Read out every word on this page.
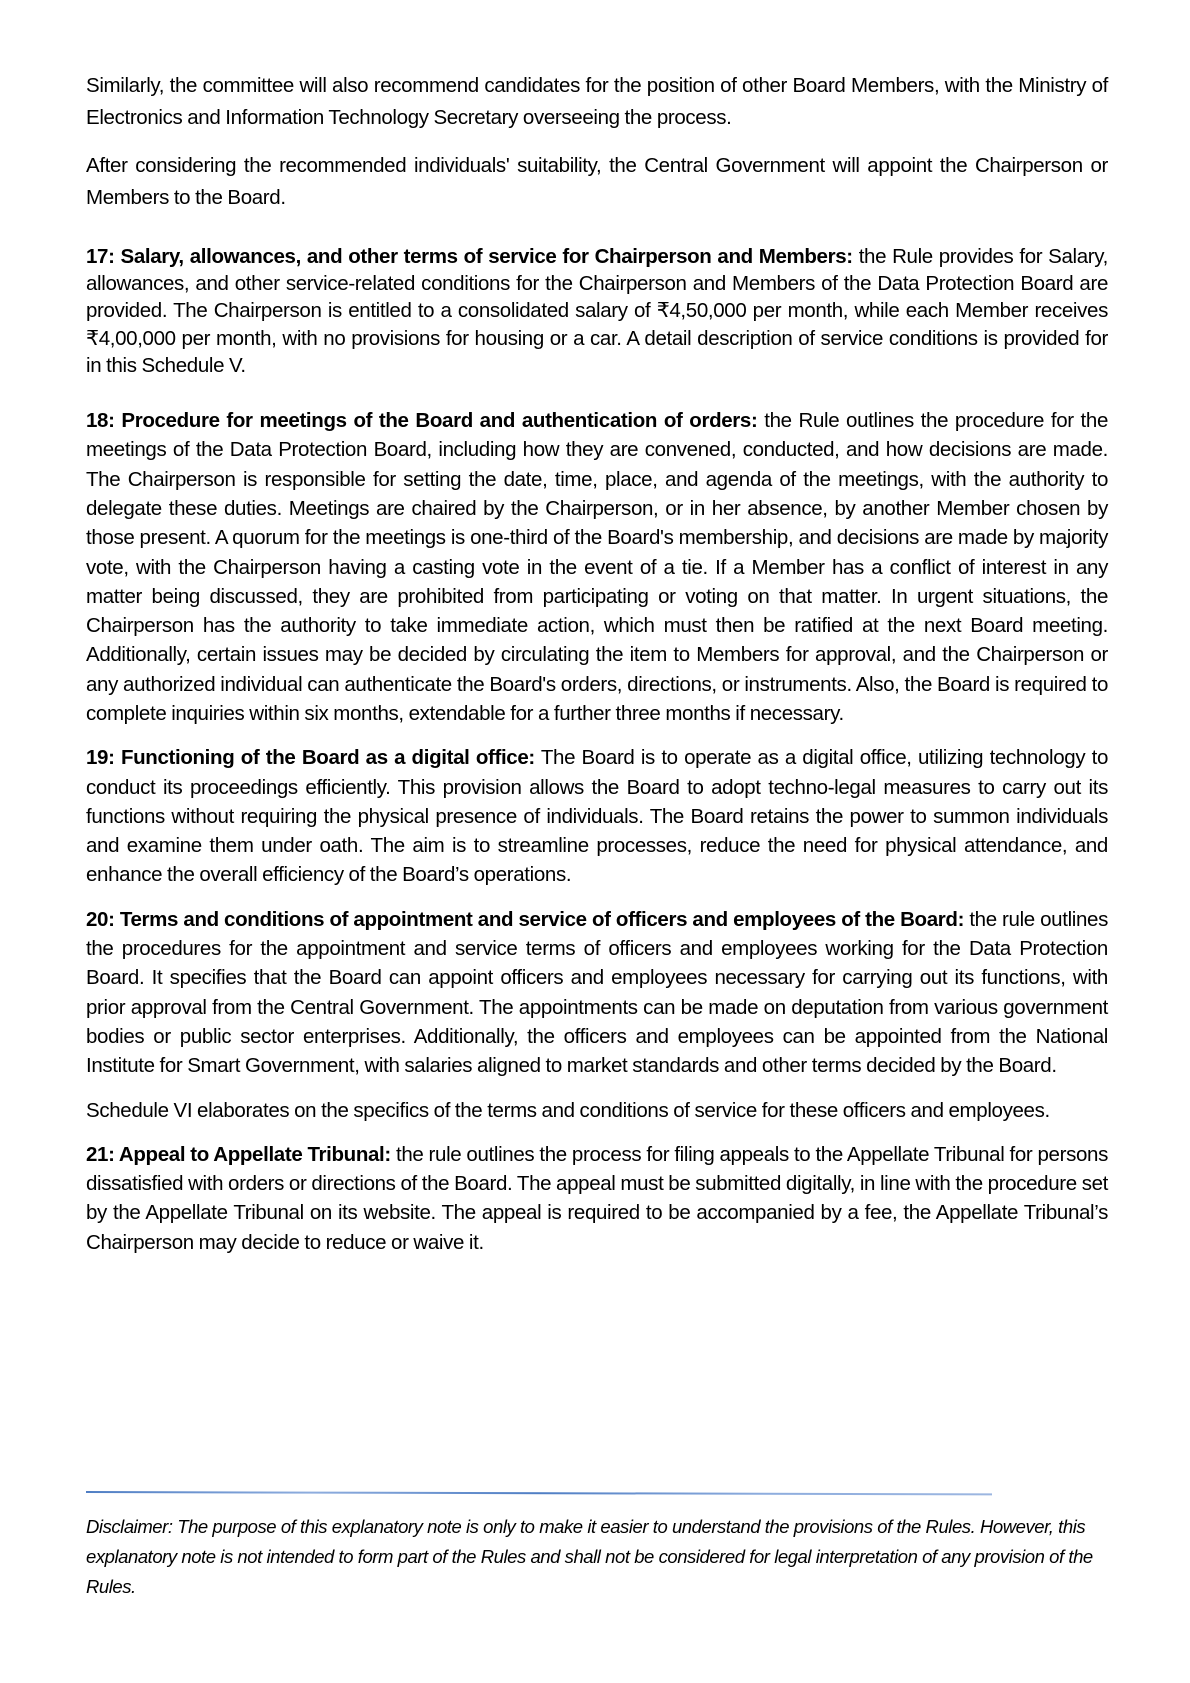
Similarly, the committee will also recommend candidates for the position of other Board Members, with the Ministry of Electronics and Information Technology Secretary overseeing the process.

After considering the recommended individuals' suitability, the Central Government will appoint the Chairperson or Members to the Board.

17: Salary, allowances, and other terms of service for Chairperson and Members: the Rule provides for Salary, allowances, and other service-related conditions for the Chairperson and Members of the Data Protection Board are provided. The Chairperson is entitled to a consolidated salary of ₹4,50,000 per month, while each Member receives ₹4,00,000 per month, with no provisions for housing or a car. A detail description of service conditions is provided for in this Schedule V.

18: Procedure for meetings of the Board and authentication of orders: the Rule outlines the procedure for the meetings of the Data Protection Board, including how they are convened, conducted, and how decisions are made. The Chairperson is responsible for setting the date, time, place, and agenda of the meetings, with the authority to delegate these duties. Meetings are chaired by the Chairperson, or in her absence, by another Member chosen by those present. A quorum for the meetings is one-third of the Board's membership, and decisions are made by majority vote, with the Chairperson having a casting vote in the event of a tie. If a Member has a conflict of interest in any matter being discussed, they are prohibited from participating or voting on that matter. In urgent situations, the Chairperson has the authority to take immediate action, which must then be ratified at the next Board meeting. Additionally, certain issues may be decided by circulating the item to Members for approval, and the Chairperson or any authorized individual can authenticate the Board's orders, directions, or instruments. Also, the Board is required to complete inquiries within six months, extendable for a further three months if necessary.

19: Functioning of the Board as a digital office: The Board is to operate as a digital office, utilizing technology to conduct its proceedings efficiently. This provision allows the Board to adopt techno-legal measures to carry out its functions without requiring the physical presence of individuals. The Board retains the power to summon individuals and examine them under oath. The aim is to streamline processes, reduce the need for physical attendance, and enhance the overall efficiency of the Board’s operations.

20: Terms and conditions of appointment and service of officers and employees of the Board: the rule outlines the procedures for the appointment and service terms of officers and employees working for the Data Protection Board. It specifies that the Board can appoint officers and employees necessary for carrying out its functions, with prior approval from the Central Government. The appointments can be made on deputation from various government bodies or public sector enterprises. Additionally, the officers and employees can be appointed from the National Institute for Smart Government, with salaries aligned to market standards and other terms decided by the Board.

Schedule VI elaborates on the specifics of the terms and conditions of service for these officers and employees.

21: Appeal to Appellate Tribunal: the rule outlines the process for filing appeals to the Appellate Tribunal for persons dissatisfied with orders or directions of the Board. The appeal must be submitted digitally, in line with the procedure set by the Appellate Tribunal on its website. The appeal is required to be accompanied by a fee, the Appellate Tribunal’s Chairperson may decide to reduce or waive it.

Disclaimer: The purpose of this explanatory note is only to make it easier to understand the provisions of the Rules. However, this explanatory note is not intended to form part of the Rules and shall not be considered for legal interpretation of any provision of the Rules.
